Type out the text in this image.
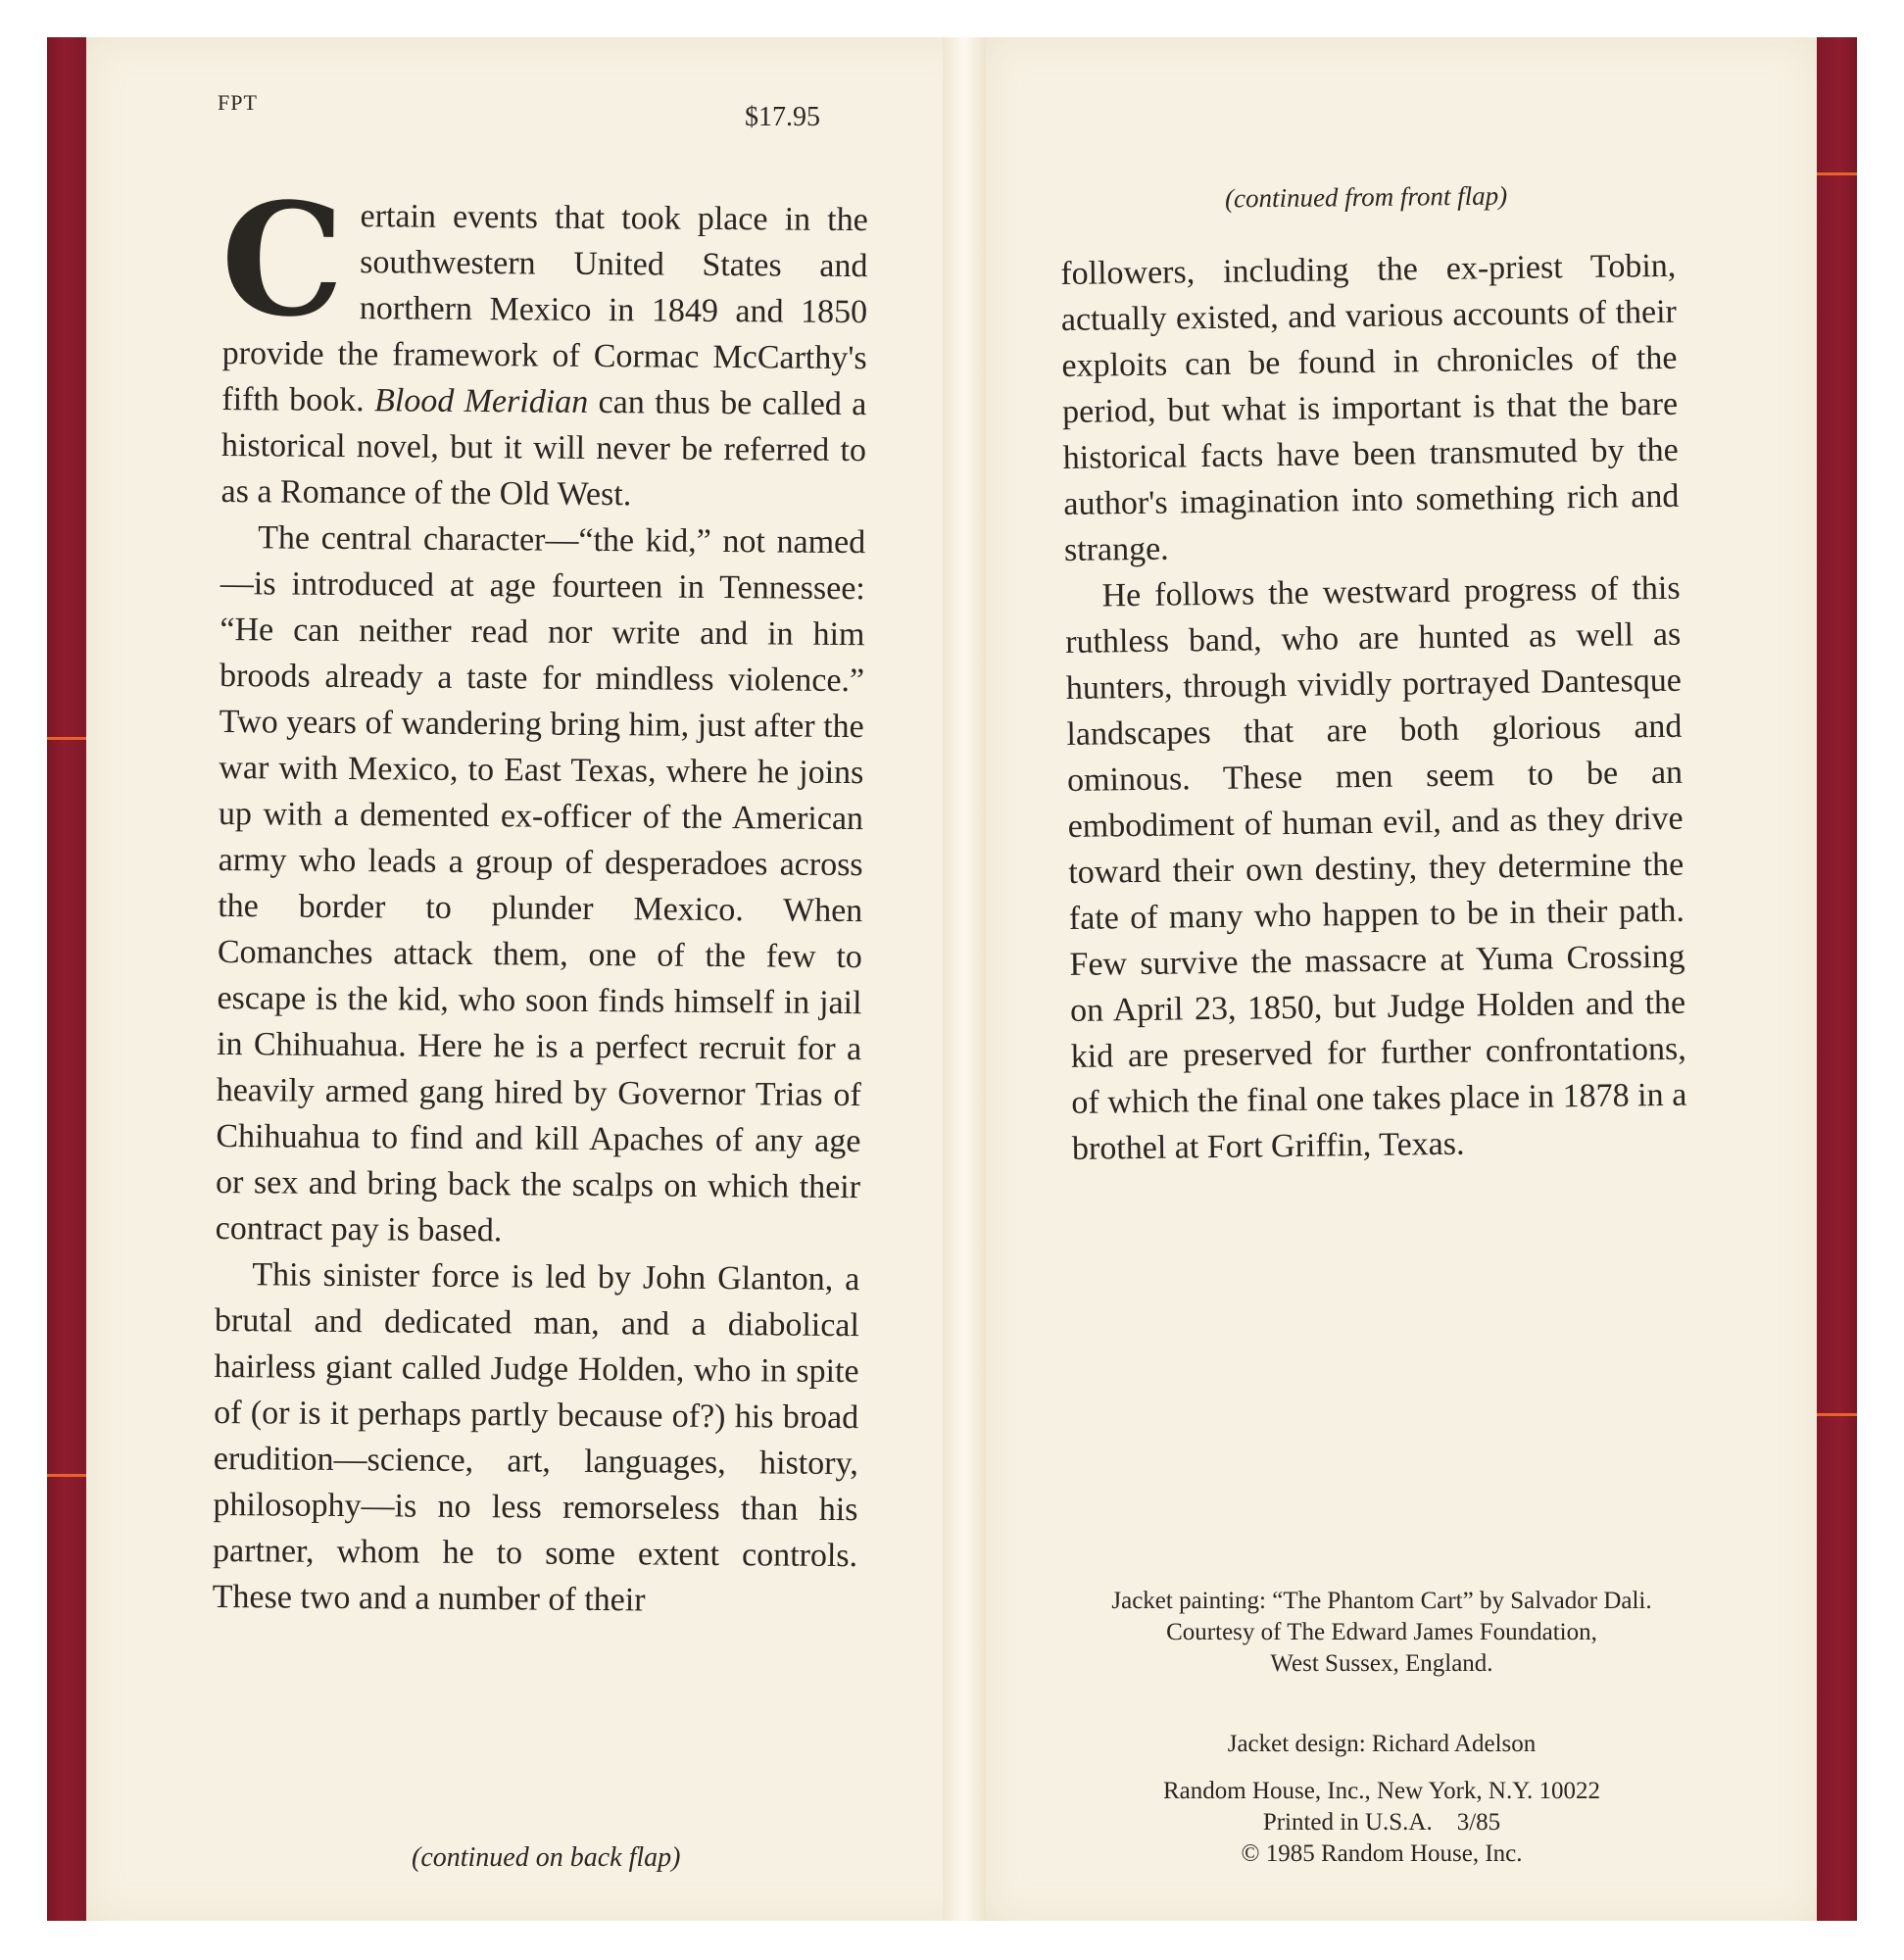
FPT	$17.95

Certain events that took place in the southwestern United States and northern Mexico in 1849 and 1850 provide the framework of Cormac McCarthy's fifth book. Blood Meridian can thus be called a historical novel, but it will never be referred to as a Romance of the Old West.

The central character—“the kid,” not named—is introduced at age fourteen in Tennessee: “He can neither read nor write and in him broods already a taste for mindless violence.” Two years of wandering bring him, just after the war with Mexico, to East Texas, where he joins up with a demented ex-officer of the American army who leads a group of desperadoes across the border to plunder Mexico. When Comanches attack them, one of the few to escape is the kid, who soon finds himself in jail in Chihuahua. Here he is a perfect recruit for a heavily armed gang hired by Governor Trias of Chihuahua to find and kill Apaches of any age or sex and bring back the scalps on which their contract pay is based.

This sinister force is led by John Glanton, a brutal and dedicated man, and a diabolical hairless giant called Judge Holden, who in spite of (or is it perhaps partly because of?) his broad erudition—science, art, languages, history, philosophy—is no less remorseless than his partner, whom he to some extent controls. These two and a number of their

(continued on back flap)
(continued from front flap)

followers, including the ex-priest Tobin, actually existed, and various accounts of their exploits can be found in chronicles of the period, but what is important is that the bare historical facts have been transmuted by the author's imagination into something rich and strange.

He follows the westward progress of this ruthless band, who are hunted as well as hunters, through vividly portrayed Dantesque landscapes that are both glorious and ominous. These men seem to be an embodiment of human evil, and as they drive toward their own destiny, they determine the fate of many who happen to be in their path. Few survive the massacre at Yuma Crossing on April 23, 1850, but Judge Holden and the kid are preserved for further confrontations, of which the final one takes place in 1878 in a brothel at Fort Griffin, Texas.

Jacket painting: “The Phantom Cart” by Salvador Dali.

Courtesy of The Edward James Foundation,

West Sussex, England.

Jacket design: Richard Adelson

Random House, Inc., New York, N.Y. 10022

Printed in U.S.A.    3/85

© 1985 Random House, Inc.
